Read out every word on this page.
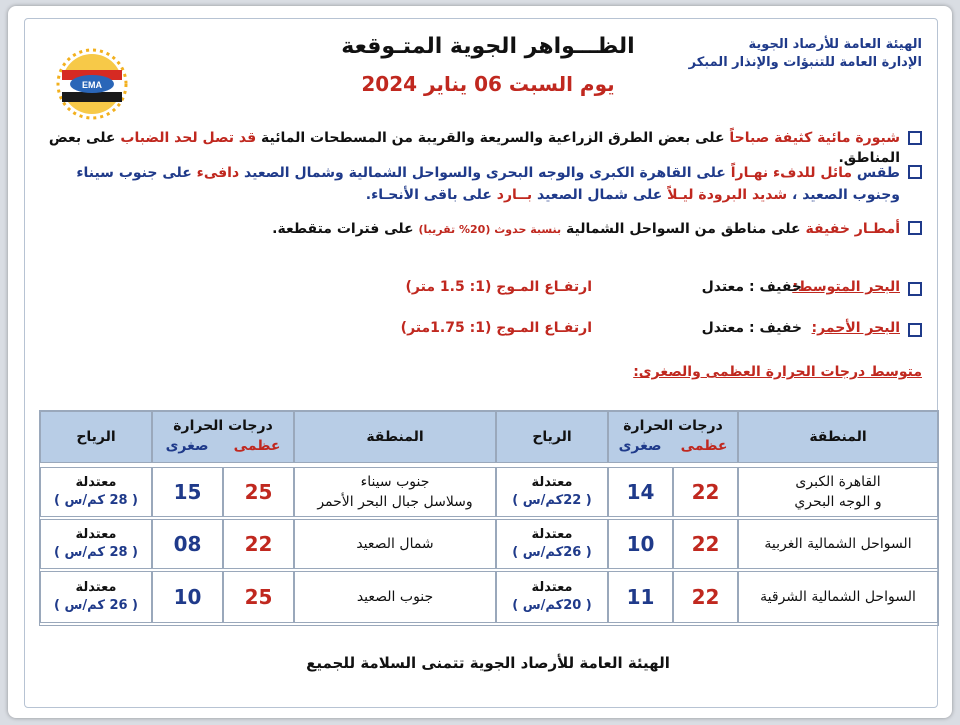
الهيئة العامة للأرصاد الجوية
الإدارة العامة للتنبؤات والإنذار المبكر
الظـــواهر الجوية المتـوقعة
يوم السبت 06 يناير 2024
EMA

شبورة مائية كثيفة صباحاً على بعض الطرق الزراعية والسريعة والقريبة من المسطحات المائية قد تصل لحد الضباب على بعض المناطق.

طقس مائل للدفء نهـاراً على القاهرة الكبرى والوجه البحرى والسواحل الشمالية وشمال الصعيد دافىء على جنوب سيناء
وجنوب الصعيد ، شديد البرودة ليـلاً على شمال الصعيد بــارد على باقى الأنحـاء.

أمطـار خفيفة على مناطق من السواحل الشمالية بنسبة حدوث (20% تقريبا) على فترات متقطعة.

البحر المتوسط:
خفيف : معتدل
ارتفـاع المـوج (1: 1.5 متر)
البحر الأحمر:
خفيف : معتدل
ارتفـاع المـوج (1: 1.75متر)
متوسط درجات الحرارة العظمى والصغرى:
المنطقة
درجات الحرارة
عظمى
صغرى
الرياح
المنطقة
درجات الحرارة
عظمى
صغرى
الرياح
القاهرة الكبرى
و الوجه البحري
22
14
معتدلة
( 22كم/س )
جنوب سيناء
وسلاسل جبال البحر الأحمر
25
15
معتدلة
( 28 كم/س )
السواحل الشمالية الغربية
22
10
معتدلة
( 26كم/س )
شمال الصعيد
22
08
معتدلة
( 28 كم/س )
السواحل الشمالية الشرقية
22
11
معتدلة
( 20كم/س )
جنوب الصعيد
25
10
معتدلة
( 26 كم/س )
الهيئة العامة للأرصاد الجوية تتمنى السلامة للجميع
